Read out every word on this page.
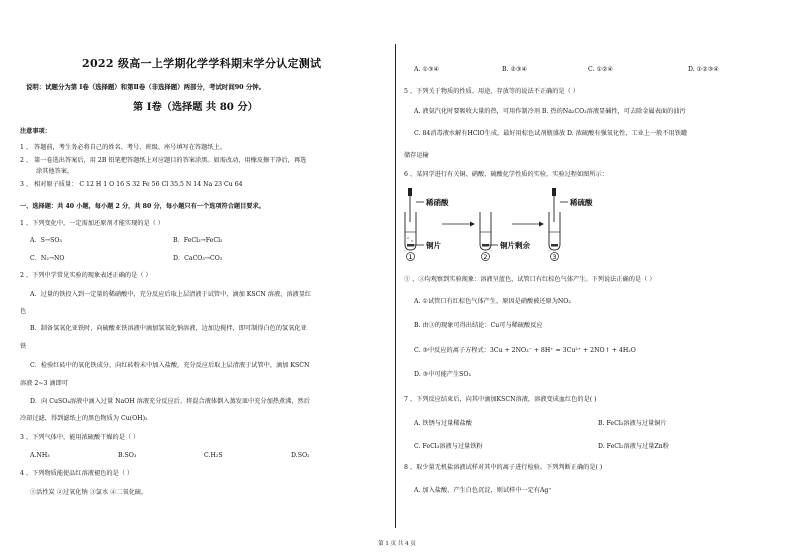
2022 级高一上学期化学学科期末学分认定测试
说明：试题分为第 Ⅰ卷（选择题）和第Ⅱ卷（非选择题）两部分，考试时间90 分钟。
第 Ⅰ卷（选择题 共 80 分）
注意事项：
1 、 答题前，考生务必将自己的姓名、考号、班级、座号填写在答题纸上。
2 、 第一卷选出答案后，用 2B 铅笔把答题纸上对应题目的答案涂黑。如需改动，用橡皮擦干净后，再选
涂其他答案。
3 、 相对原子质量： C 12 H 1 O 16 S 32 Fe 56 Cl 35.5 N 14 Na 23 Cu 64
一、选择题：共 40 小题，每小题 2 分，共 80 分，每小题只有一个选项符合题目要求。
1 、下列变化中，一定需加还原剂才能实现的是（ ）
A．S→SO₃	B．FeCl₃→FeCl₂
C．N₂→NO	D．CaCO₃→CO₂
2 、下列中学常见实验的现象表述正确的是（ ）
A．过量的铁投入到一定量的稀硝酸中，充分反应后取上层清液于试管中，滴加 KSCN 溶液，溶液显红
色
B．制备氢氧化亚铁时，向硫酸亚铁溶液中滴加氢氧化钠溶液，边加边搅拌，即可制得白色的氢氧化亚
铁
C．检验红砖中的氧化铁成分，向红砖粉末中加入盐酸，充分反应后取上层清液于试管中，滴加 KSCN
溶液 2~3 滴即可
D．向 CuSO₄溶液中滴入过量 NaOH 溶液充分反应后，将混合液体倒入蒸发皿中充分加热煮沸，然后
冷却过滤，得到滤纸上的黑色物质为 Cu(OH)₂
3 、下列气体中，能用浓硫酸干燥的是（ ）
A.NH₃	B.SO₃	C.H₂S	D.SO₂
4 、下列物质能使品红溶液褪色的是（ ）
①活性炭 ②过氧化钠 ③氯水 ④二氧化硫。
A. ①③④	B. ②③④	C. ①②④	D. ①②③④
5 、下列关于物质的性质、用途、存放等的说法不正确的是（ ）
A. 液氨汽化时要吸收大量的热，可用作制冷剂 B. 热的Na₂CO₃溶液显碱性，可去除金属表面的油污
C. 84消毒液水解有HClO生成，最好用棕色试剂瓶盛放 D. 浓硫酸有强氧化性，工业上一般不用铁罐
储存运输
6 、某同学进行有关铜、硝酸、硫酸化学性质的实验，实验过程如图所示：
1	2	3
稀硝酸
铜片	铜片剩余
稀硫酸
① 、③均观察到实验现象：溶液呈蓝色，试管口有红棕色气体产生。下列说法正确的是（ ）
A. ①试管口有红棕色气体产生，原因是硝酸被还原为NO₂
B. 由③的现象可得出结论：Cu可与稀硫酸反应
C. ③中反应的离子方程式：3Cu + 2NO₃⁻ + 8H⁺ = 3Cu²⁺ + 2NO↑ + 4H₂O
D. ③中可能产生SO₂
7 、下列反应结束后，向其中滴加KSCN溶液，溶液变成血红色的是( )
A. 铁锈与过量稀盐酸	B. FeCl₃溶液与过量铜片
C. FeCl₃溶液与过量铁粉	D. FeCl₂溶液与过量Zn粉
8 、取少量无机盐溶液试样对其中的离子进行检验。下列判断正确的是( )
A. 加入盐酸，产生白色沉淀，则试样中一定有Ag⁺
第 1 页 共 4 页
